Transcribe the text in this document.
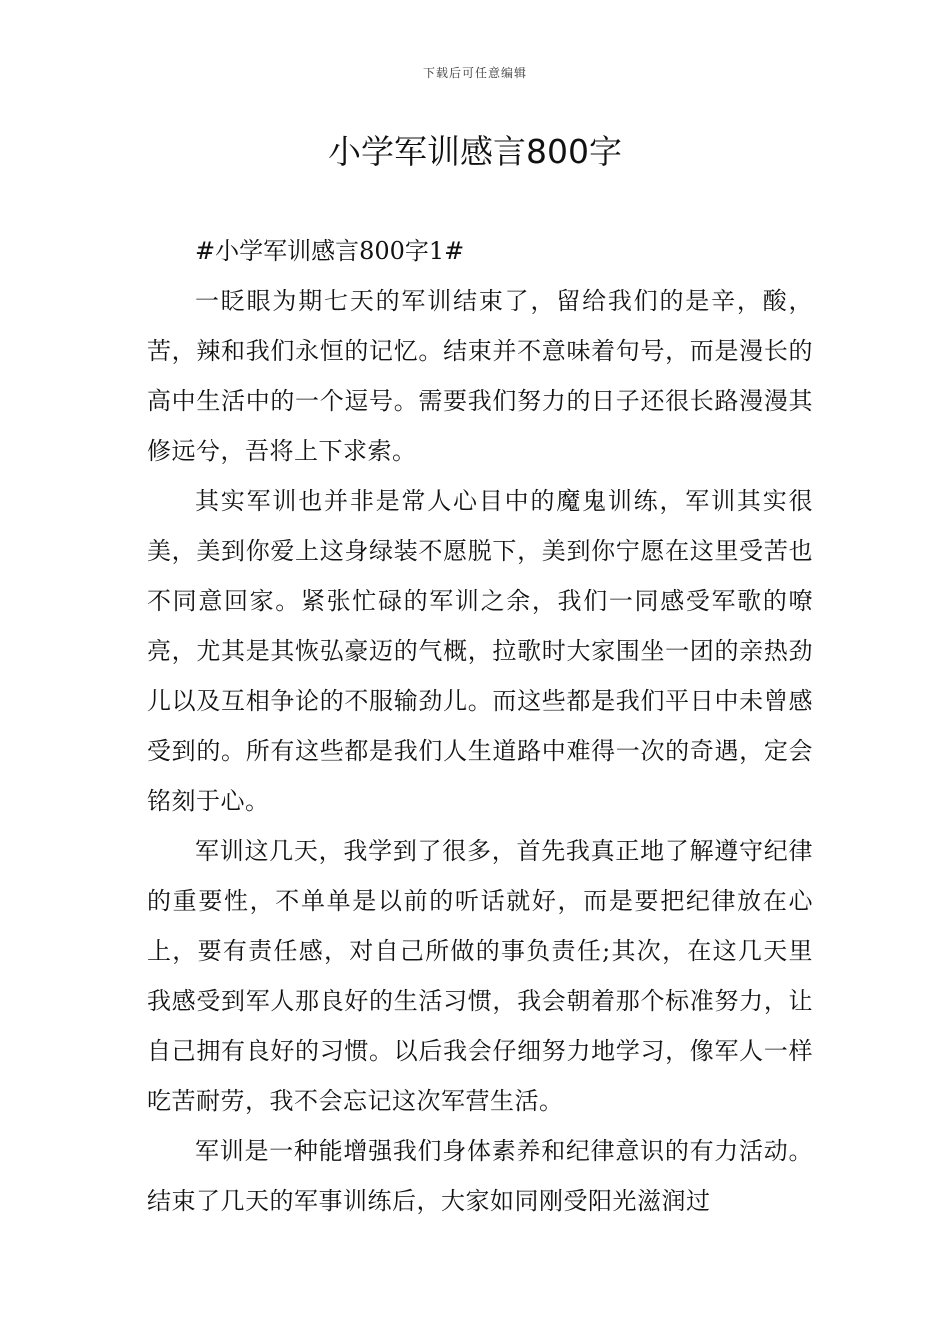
下载后可任意编辑
小学军训感言800字

#小学军训感言800字1#

一眨眼为期七天的军训结束了，留给我们的是辛，酸，苦，辣和我们永恒的记忆。结束并不意味着句号，而是漫长的高中生活中的一个逗号。需要我们努力的日子还很长路漫漫其修远兮，吾将上下求索。

其实军训也并非是常人心目中的魔鬼训练，军训其实很美，美到你爱上这身绿装不愿脱下，美到你宁愿在这里受苦也不同意回家。紧张忙碌的军训之余，我们一同感受军歌的嘹亮，尤其是其恢弘豪迈的气概，拉歌时大家围坐一团的亲热劲儿以及互相争论的不服输劲儿。而这些都是我们平日中未曾感受到的。所有这些都是我们人生道路中难得一次的奇遇，定会铭刻于心。

军训这几天，我学到了很多，首先我真正地了解遵守纪律的重要性，不单单是以前的听话就好，而是要把纪律放在心上，要有责任感，对自己所做的事负责任;其次，在这几天里我感受到军人那良好的生活习惯，我会朝着那个标准努力，让自己拥有良好的习惯。以后我会仔细努力地学习，像军人一样吃苦耐劳，我不会忘记这次军营生活。

军训是一种能增强我们身体素养和纪律意识的有力活动。结束了几天的军事训练后，大家如同刚受阳光滋润过
